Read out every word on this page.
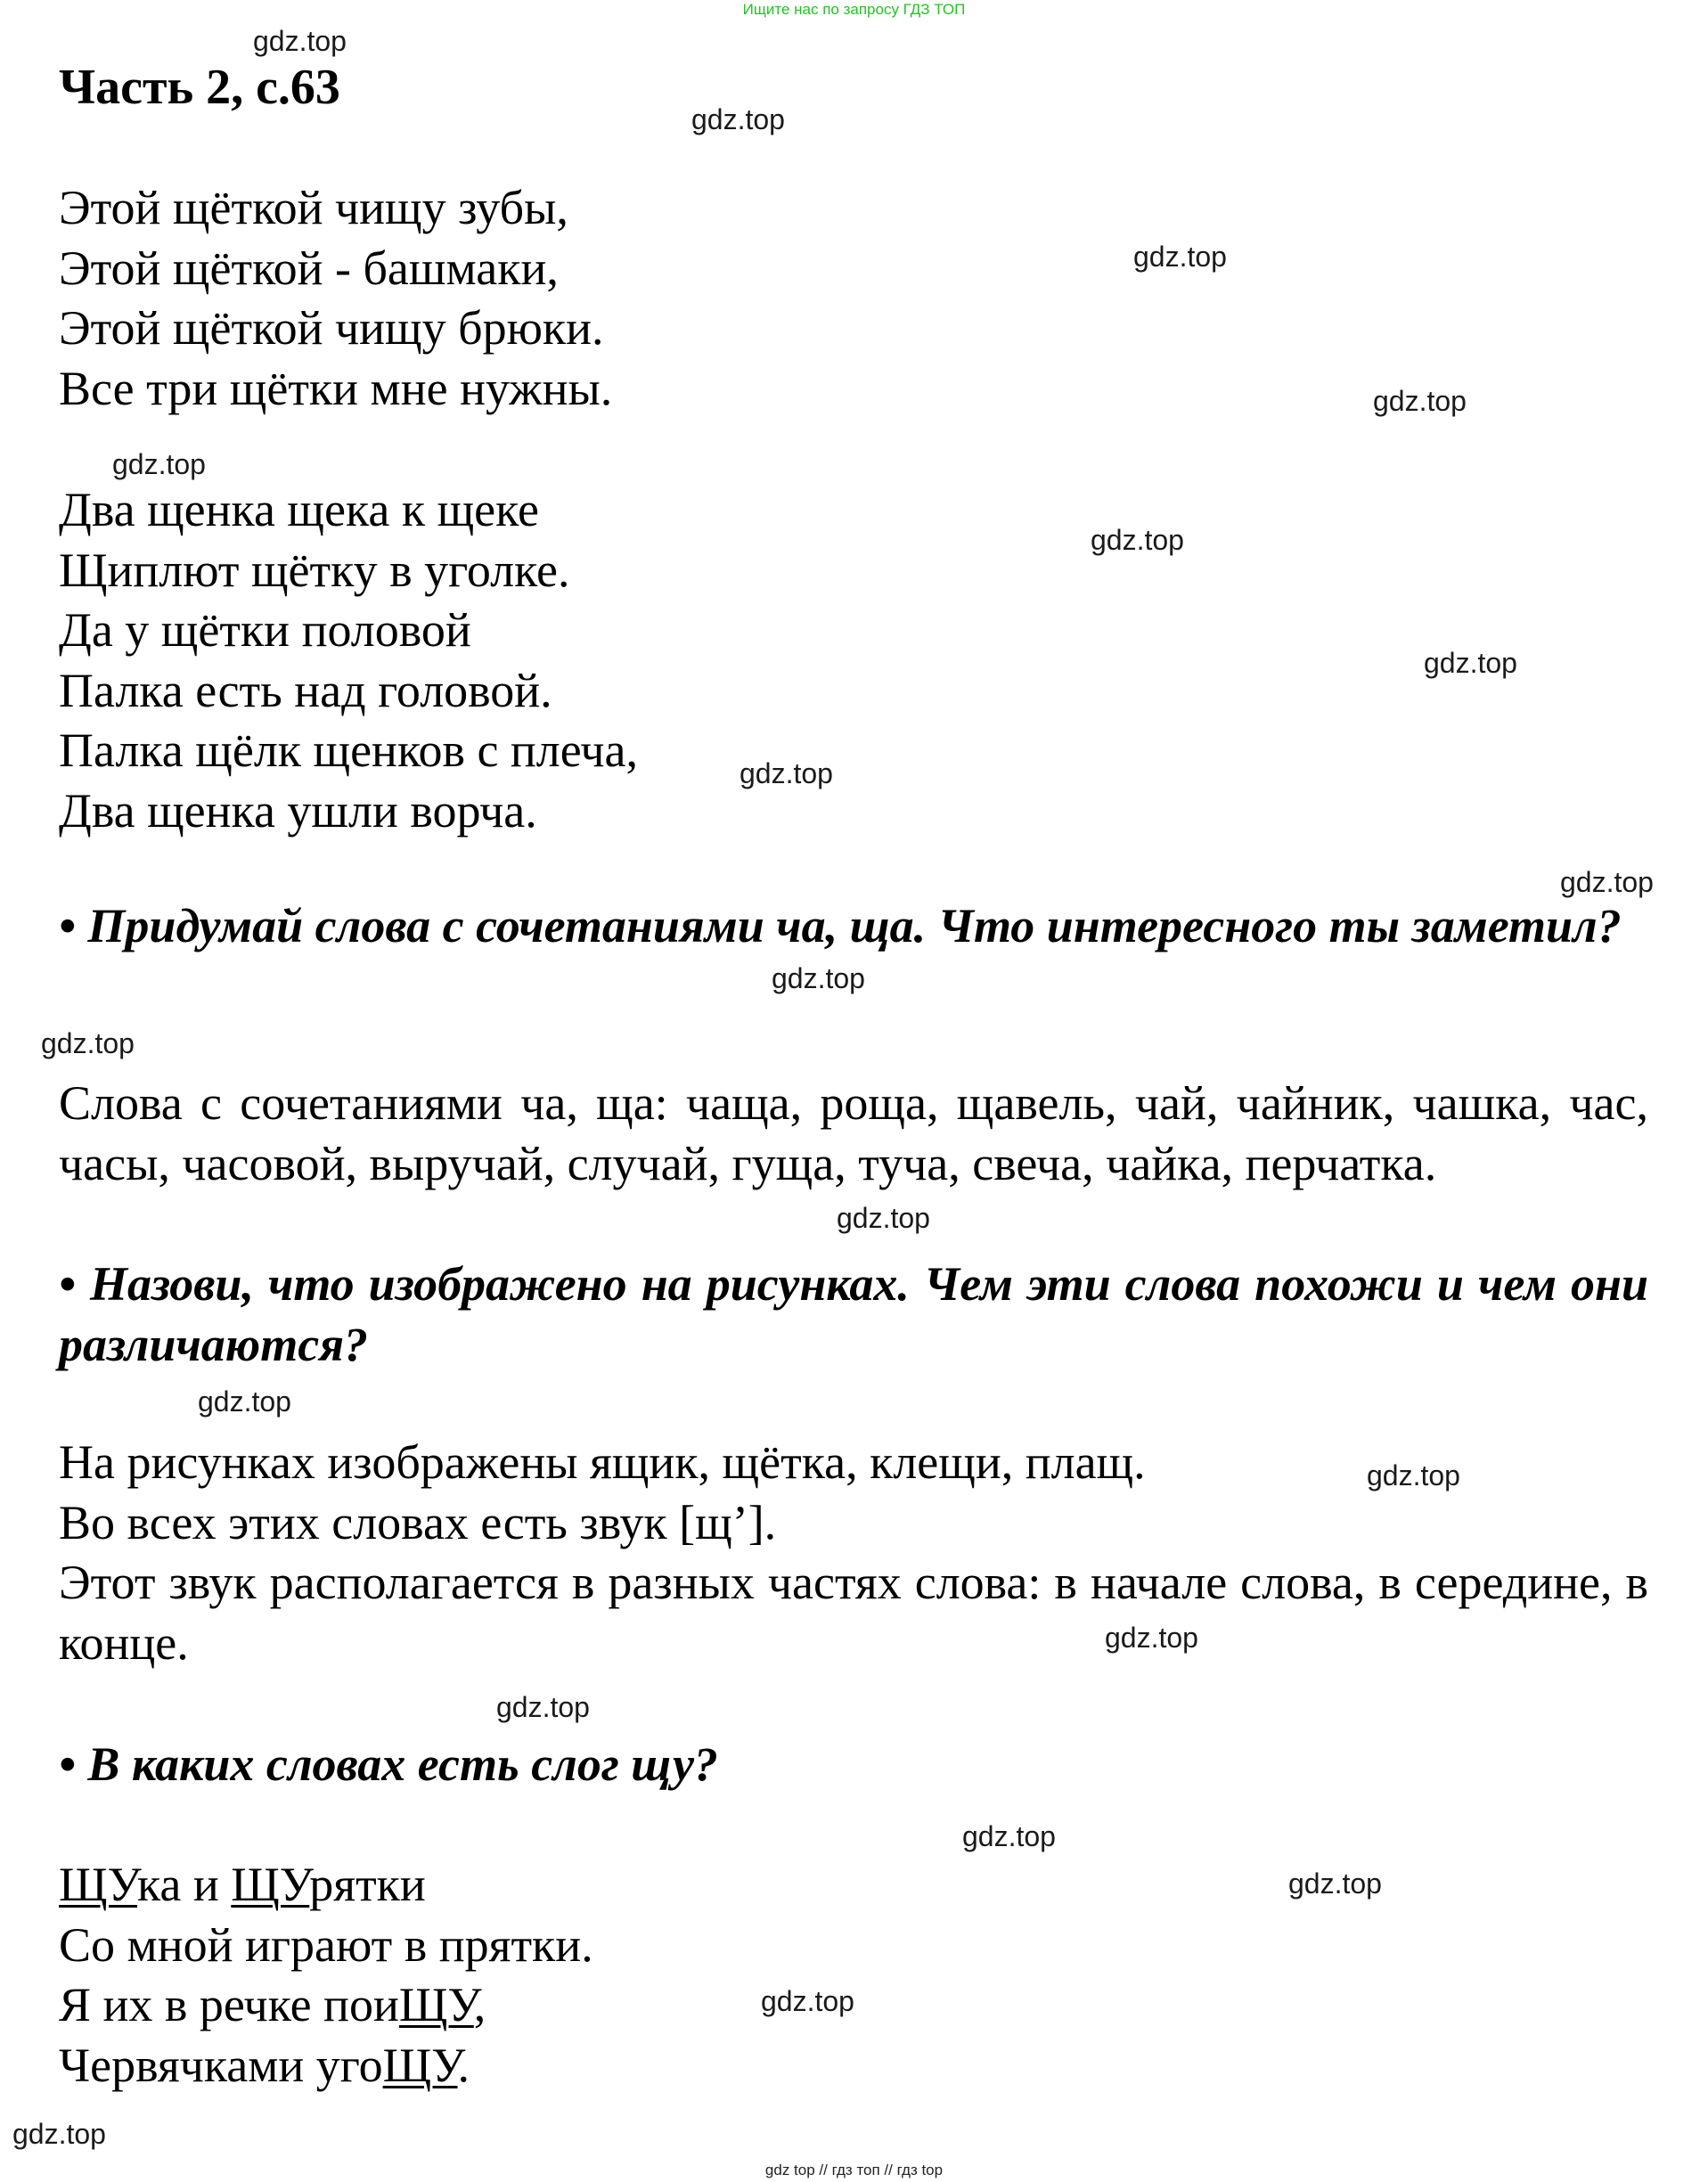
Ищите нас по запросу ГДЗ ТОП
Часть 2, с.63
Этой щёткой чищу зубы,
Этой щёткой - башмаки,
Этой щёткой чищу брюки.
Все три щётки мне нужны.
Два щенка щека к щеке
Щиплют щётку в уголке.
Да у щётки половой
Палка есть над головой.
Палка щёлк щенков с плеча,
Два щенка ушли ворча.
• Придумай слова с сочетаниями ча, ща. Что интересного ты заметил?
Слова с сочетаниями ча, ща: чаща, роща, щавель, чай, чайник, чашка, час, часы, часовой, выручай, случай, гуща, туча, свеча, чайка, перчатка.
• Назови, что изображено на рисунках. Чем эти слова похожи и чем они различаются?
На рисунках изображены ящик, щётка, клещи, плащ.
Во всех этих словах есть звук [щ’].
Этот звук располагается в разных частях слова: в начале слова, в середине, в конце.
• В каких словах есть слог щу?
ЩУка и ЩУрятки
Со мной играют в прятки.
Я их в речке поиЩУ,
Червячками угоЩУ.
gdz.top
gdz.top
gdz.top
gdz.top
gdz.top
gdz.top
gdz.top
gdz.top
gdz.top
gdz.top
gdz.top
gdz.top
gdz.top
gdz.top
gdz.top
gdz.top
gdz.top
gdz.top
gdz.top
gdz.top
gdz top // гдз топ // гдз top
